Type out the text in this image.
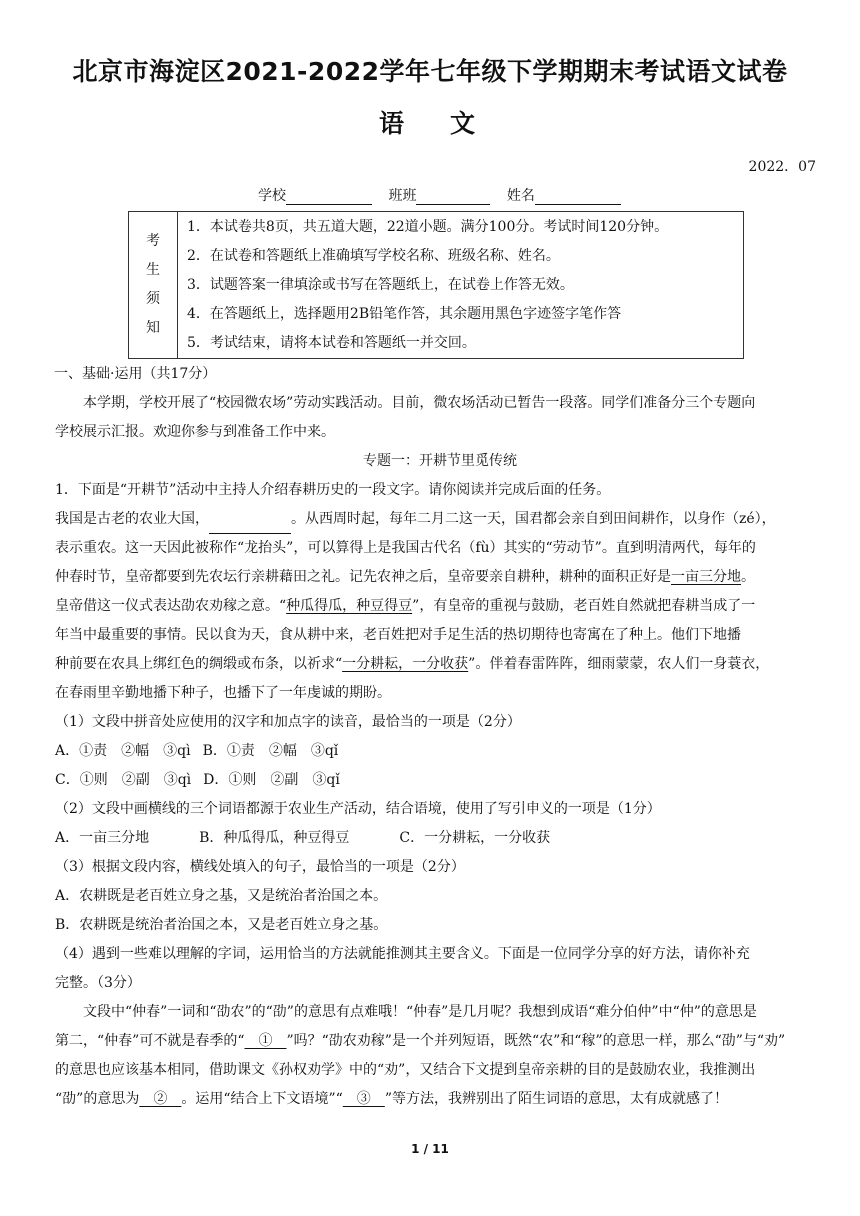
北京市海淀区2021-2022学年七年级下学期期末考试语文试卷
语文
2022．07
学校	班班	姓名
考
生
须
知
1．本试卷共8页，共五道大题，22道小题。满分100分。考试时间120分钟。
2．在试卷和答题纸上准确填写学校名称、班级名称、姓名。
3．试题答案一律填涂或书写在答题纸上，在试卷上作答无效。
4．在答题纸上，选择题用2B铅笔作答，其余题用黑色字迹签字笔作答
5．考试结束，请将本试卷和答题纸一并交回。
一、基础·运用（共17分）
本学期，学校开展了“校园微农场”劳动实践活动。目前，微农场活动已暂告一段落。同学们准备分三个专题向
学校展示汇报。欢迎你参与到准备工作中来。
专题一：开耕节里觅传统
1．下面是“开耕节”活动中主持人介绍春耕历史的一段文字。请你阅读并完成后面的任务。
我国是古老的农业大国，	。从西周时起，每年二月二这一天，国君都会亲自到田间耕作，以身作（zé），
表示重农。这一天因此被称作“龙抬头”，可以算得上是我国古代名（fù）其实的“劳动节”。直到明清两代，每年的
仲春时节，皇帝都要到先农坛行亲耕藉田之礼。记先农神之后，皇帝要亲自耕种，耕种的面积正好是一亩三分地。
皇帝借这一仪式表达劭农劝稼之意。“种瓜得瓜，种豆得豆”，有皇帝的重视与鼓励，老百姓自然就把春耕当成了一
年当中最重要的事情。民以食为天，食从耕中来，老百姓把对手足生活的热切期待也寄寓在了种上。他们下地播
种前要在农具上绑红色的绸缎或布条，以祈求“一分耕耘，一分收获”。伴着春雷阵阵，细雨蒙蒙，农人们一身蓑衣，
在春雨里辛勤地播下种子，也播下了一年虔诚的期盼。
（1）文段中拼音处应使用的汉字和加点字的读音，最恰当的一项是（2分）
A．①责　②幅　③qì B．①责　②幅　③qǐ
C．①则　②副　③qì D．①则　②副　③qǐ
（2）文段中画横线的三个词语都源于农业生产活动，结合语境，使用了写引申义的一项是（1分）
A．一亩三分地	B．种瓜得瓜，种豆得豆	C．一分耕耘，一分收获
（3）根据文段内容，横线处填入的句子，最恰当的一项是（2分）
A．农耕既是老百姓立身之基，又是统治者治国之本。
B．农耕既是统治者治国之本，又是老百姓立身之基。
（4）遇到一些难以理解的字词，运用恰当的方法就能推测其主要含义。下面是一位同学分享的好方法，请你补充
完整。（3分）
文段中“仲春”一词和“劭农”的“劭”的意思有点难哦！“仲春”是几月呢？我想到成语“难分伯仲”中“仲”的意思是
第二，“仲春”可不就是春季的“　①　”吗？“劭农劝稼”是一个并列短语，既然“农”和“稼”的意思一样，那么“劭”与“劝”
的意思也应该基本相同，借助课文《孙权劝学》中的“劝”，又结合下文提到皇帝亲耕的目的是鼓励农业，我推测出
“劭”的意思为　②　。运用“结合上下文语境”“　③　”等方法，我辨别出了陌生词语的意思，太有成就感了！
1 / 11
